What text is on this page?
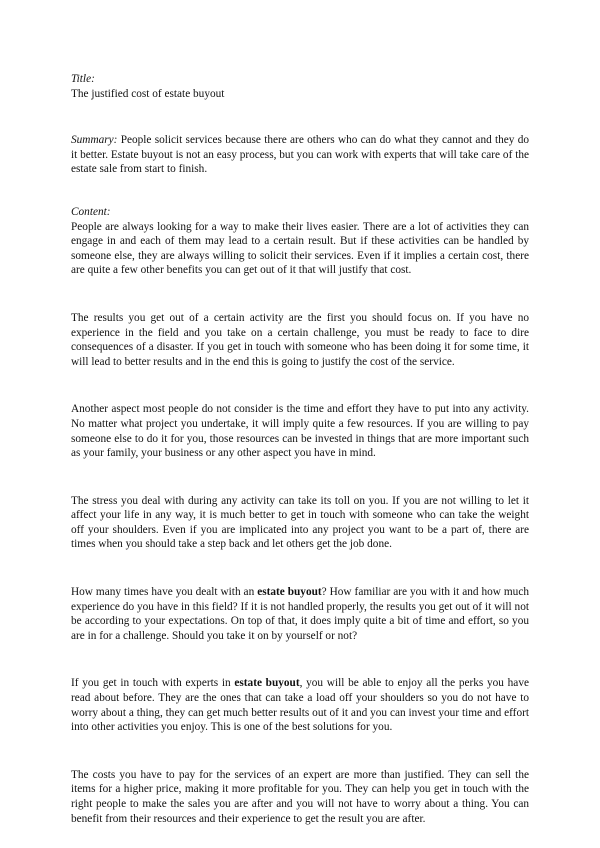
Title:
The justified cost of estate buyout
Summary: People solicit services because there are others who can do what they cannot and they do it better. Estate buyout is not an easy process, but you can work with experts that will take care of the estate sale from start to finish.
Content:

People are always looking for a way to make their lives easier. There are a lot of activities they can engage in and each of them may lead to a certain result. But if these activities can be handled by someone else, they are always willing to solicit their services. Even if it implies a certain cost, there are quite a few other benefits you can get out of it that will justify that cost.

The results you get out of a certain activity are the first you should focus on. If you have no experience in the field and you take on a certain challenge, you must be ready to face to dire consequences of a disaster. If you get in touch with someone who has been doing it for some time, it will lead to better results and in the end this is going to justify the cost of the service.

Another aspect most people do not consider is the time and effort they have to put into any activity. No matter what project you undertake, it will imply quite a few resources. If you are willing to pay someone else to do it for you, those resources can be invested in things that are more important such as your family, your business or any other aspect you have in mind.

The stress you deal with during any activity can take its toll on you. If you are not willing to let it affect your life in any way, it is much better to get in touch with someone who can take the weight off your shoulders. Even if you are implicated into any project you want to be a part of, there are times when you should take a step back and let others get the job done.

How many times have you dealt with an estate buyout? How familiar are you with it and how much experience do you have in this field? If it is not handled properly, the results you get out of it will not be according to your expectations. On top of that, it does imply quite a bit of time and effort, so you are in for a challenge. Should you take it on by yourself or not?

If you get in touch with experts in estate buyout, you will be able to enjoy all the perks you have read about before. They are the ones that can take a load off your shoulders so you do not have to worry about a thing, they can get much better results out of it and you can invest your time and effort into other activities you enjoy. This is one of the best solutions for you.

The costs you have to pay for the services of an expert are more than justified. They can sell the items for a higher price, making it more profitable for you. They can help you get in touch with the right people to make the sales you are after and you will not have to worry about a thing. You can benefit from their resources and their experience to get the result you are after.
